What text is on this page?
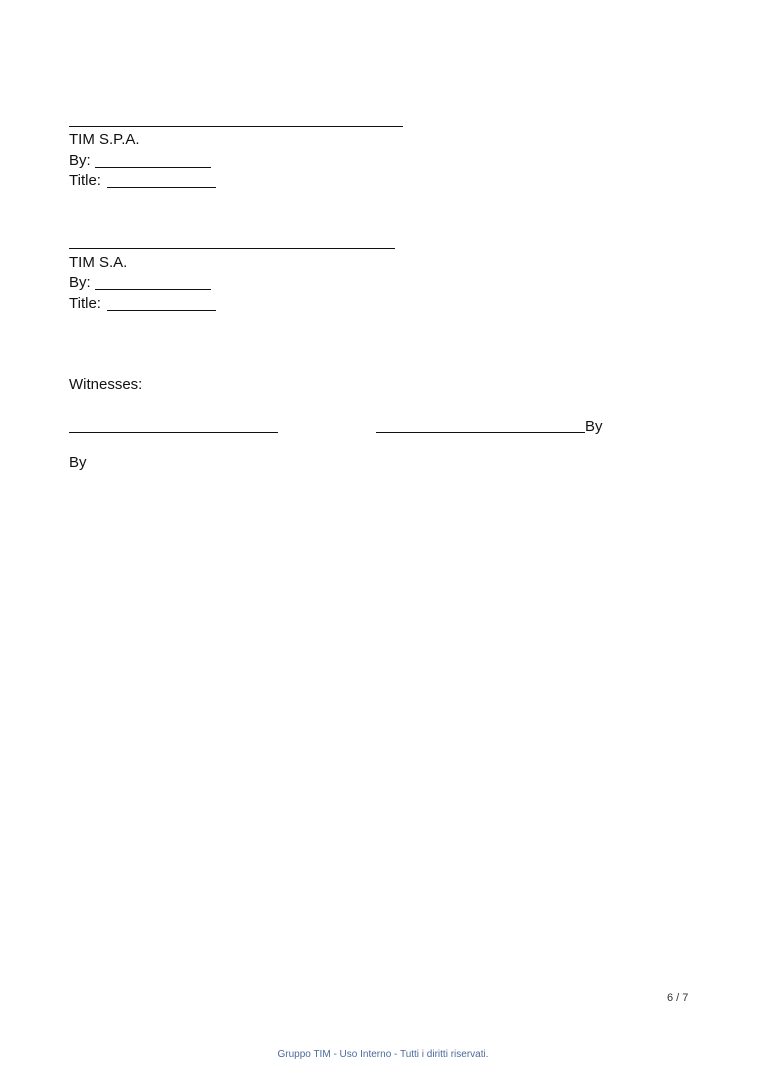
TIM S.P.A.
By:
Title:
TIM S.A.
By:
Title:
Witnesses:
By
By
6 / 7
Gruppo TIM - Uso Interno - Tutti i diritti riservati.
